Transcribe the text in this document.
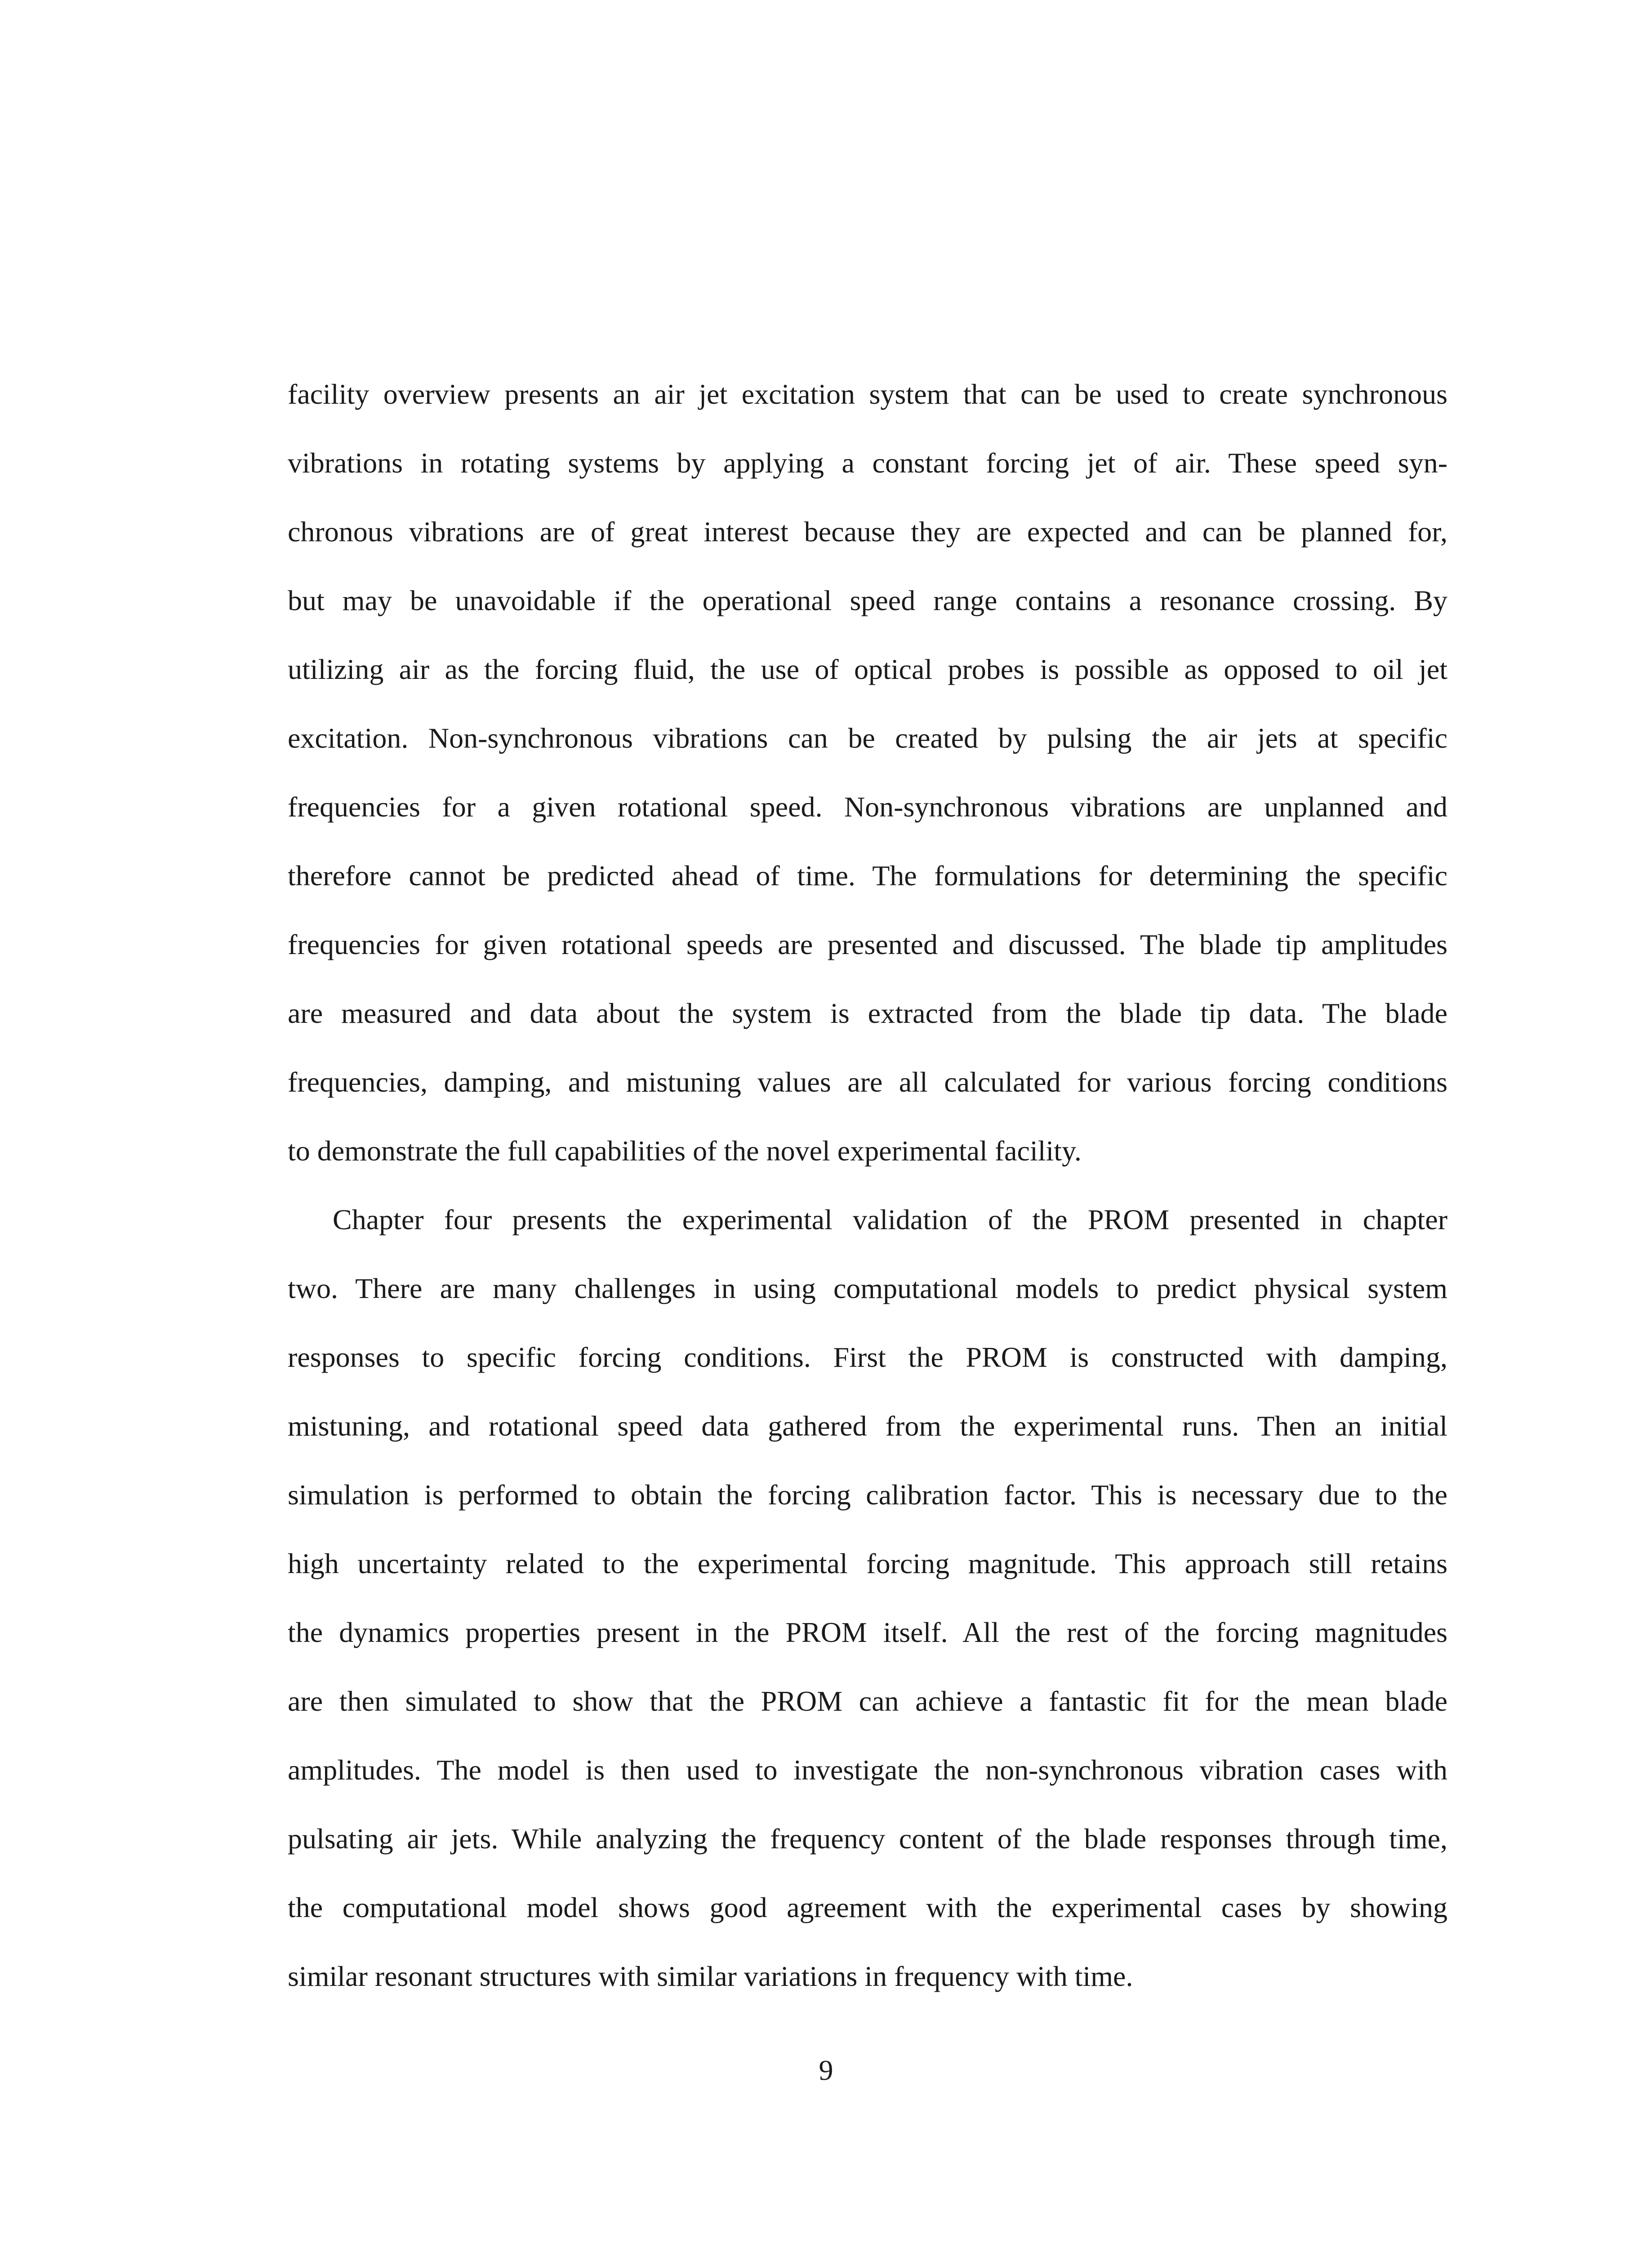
facility overview presents an air jet excitation system that can be used to create synchronous
vibrations in rotating systems by applying a constant forcing jet of air. These speed syn-
chronous vibrations are of great interest because they are expected and can be planned for,
but may be unavoidable if the operational speed range contains a resonance crossing. By
utilizing air as the forcing fluid, the use of optical probes is possible as opposed to oil jet
excitation. Non-synchronous vibrations can be created by pulsing the air jets at specific
frequencies for a given rotational speed. Non-synchronous vibrations are unplanned and
therefore cannot be predicted ahead of time. The formulations for determining the specific
frequencies for given rotational speeds are presented and discussed. The blade tip amplitudes
are measured and data about the system is extracted from the blade tip data. The blade
frequencies, damping, and mistuning values are all calculated for various forcing conditions
to demonstrate the full capabilities of the novel experimental facility.
Chapter four presents the experimental validation of the PROM presented in chapter
two. There are many challenges in using computational models to predict physical system
responses to specific forcing conditions. First the PROM is constructed with damping,
mistuning, and rotational speed data gathered from the experimental runs. Then an initial
simulation is performed to obtain the forcing calibration factor. This is necessary due to the
high uncertainty related to the experimental forcing magnitude. This approach still retains
the dynamics properties present in the PROM itself. All the rest of the forcing magnitudes
are then simulated to show that the PROM can achieve a fantastic fit for the mean blade
amplitudes. The model is then used to investigate the non-synchronous vibration cases with
pulsating air jets. While analyzing the frequency content of the blade responses through time,
the computational model shows good agreement with the experimental cases by showing
similar resonant structures with similar variations in frequency with time.
9
